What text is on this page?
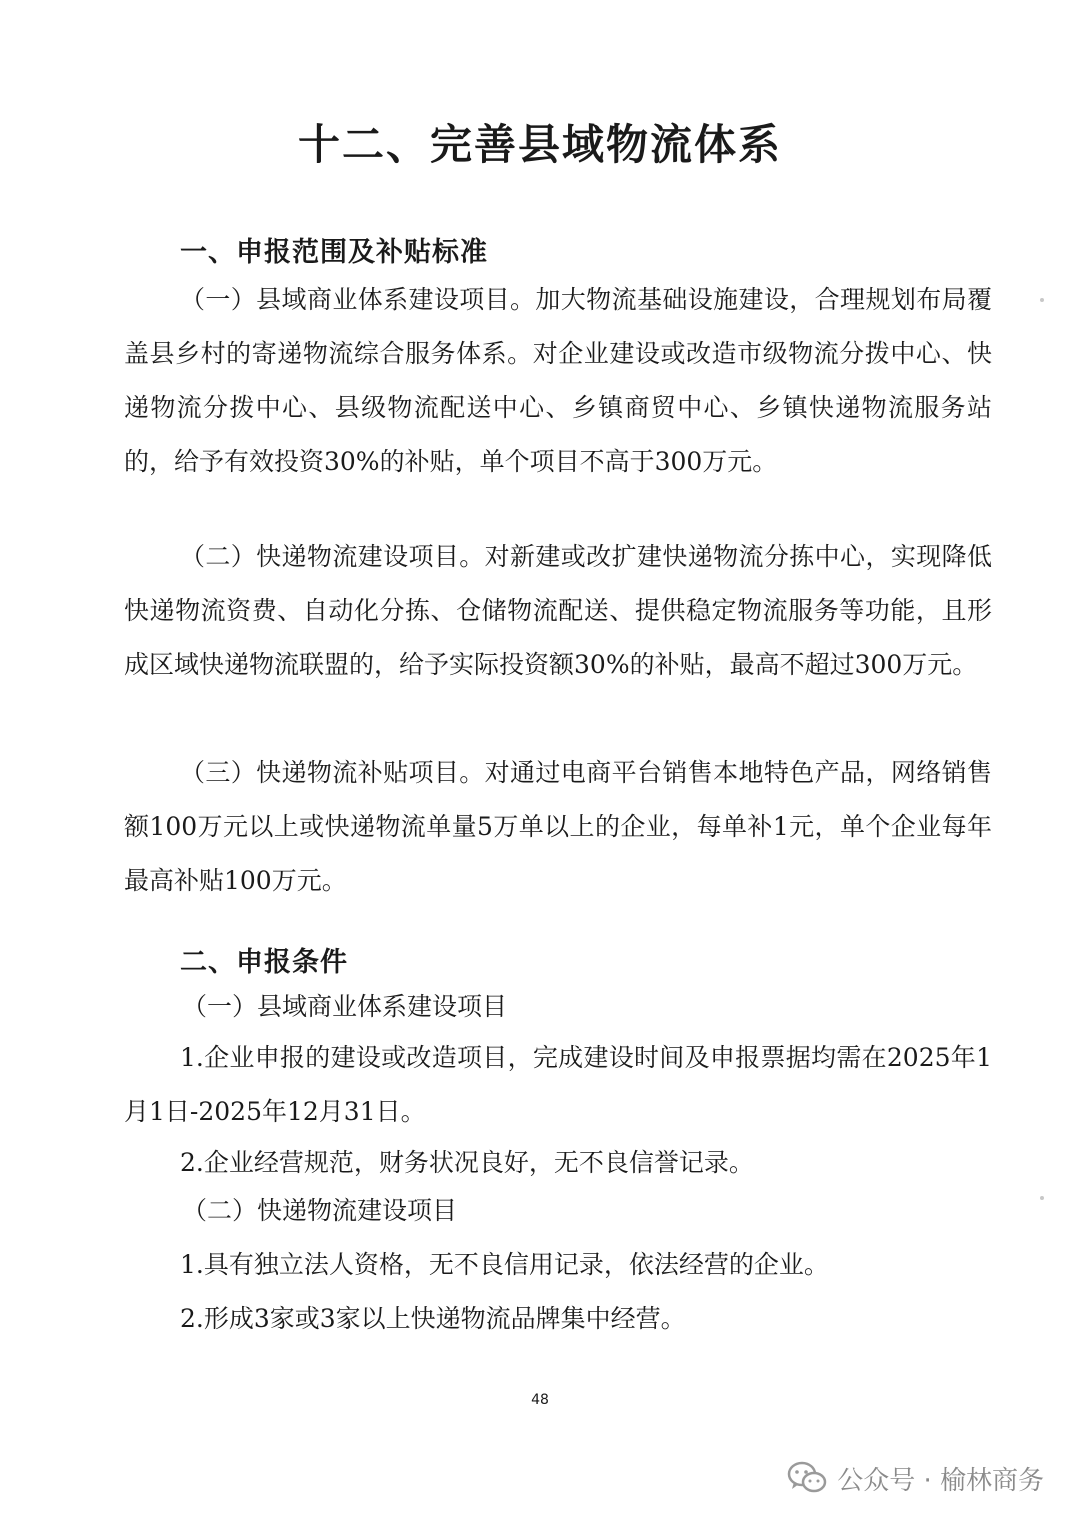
十二、完善县域物流体系
一、申报范围及补贴标准

（一）县域商业体系建设项目。加大物流基础设施建设，合理规划布局覆盖县乡村的寄递物流综合服务体系。对企业建设或改造市级物流分拨中心、快递物流分拨中心、县级物流配送中心、乡镇商贸中心、乡镇快递物流服务站的，给予有效投资30%的补贴，单个项目不高于300万元。

（二）快递物流建设项目。对新建或改扩建快递物流分拣中心，实现降低快递物流资费、自动化分拣、仓储物流配送、提供稳定物流服务等功能，且形成区域快递物流联盟的，给予实际投资额30%的补贴，最高不超过300万元。

（三）快递物流补贴项目。对通过电商平台销售本地特色产品，网络销售额100万元以上或快递物流单量5万单以上的企业，每单补1元，单个企业每年最高补贴100万元。

二、申报条件
（一）县域商业体系建设项目

1.企业申报的建设或改造项目，完成建设时间及申报票据均需在2025年1月1日-2025年12月31日。

2.企业经营规范，财务状况良好，无不良信誉记录。

（二）快递物流建设项目

1.具有独立法人资格，无不良信用记录，依法经营的企业。

2.形成3家或3家以上快递物流品牌集中经营。

48
公众号 · 榆林商务
